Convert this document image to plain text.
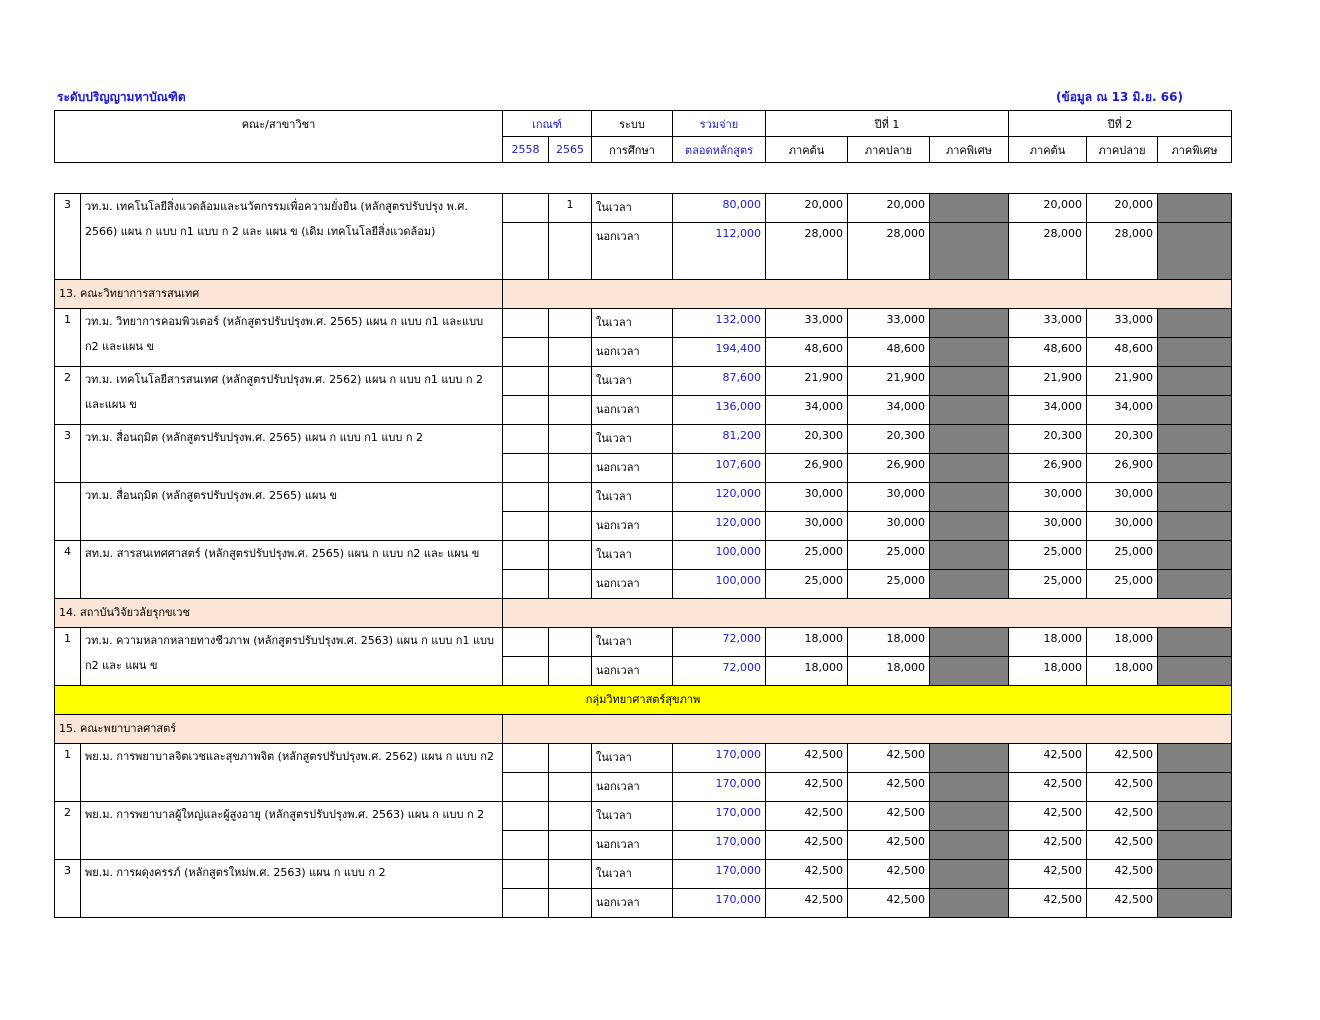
ระดับปริญญามหาบัณฑิต	(ข้อมูล ณ 13 มิ.ย. 66)
คณะ/สาขาวิชา	เกณฑ์		ระบบ	รวมจ่าย	ปีที่ 1			ปีที่ 2		
	2558	2565	การศึกษา	ตลอดหลักสูตร	ภาคต้น	ภาคปลาย	ภาคพิเศษ	ภาคต้น	ภาคปลาย	ภาคพิเศษ
3	วท.ม. เทคโนโลยีสิ่งแวดล้อมและนวัตกรรมเพื่อความยั่งยืน (หลักสูตรปรับปรุง พ.ศ. 2566) แผน ก แบบ ก1 แบบ ก 2 และ แผน ข (เดิม เทคโนโลยีสิ่งแวดล้อม)		1	ในเวลา	80,000	20,000	20,000		20,000	20,000	
				นอกเวลา	112,000	28,000	28,000		28,000	28,000	
13. คณะวิทยาการสารสนเทศ											
1	วท.ม. วิทยาการคอมพิวเตอร์ (หลักสูตรปรับปรุงพ.ศ. 2565) แผน ก แบบ ก1 และแบบ ก2 และแผน ข			ในเวลา	132,000	33,000	33,000		33,000	33,000	
				นอกเวลา	194,400	48,600	48,600		48,600	48,600	
2	วท.ม. เทคโนโลยีสารสนเทศ (หลักสูตรปรับปรุงพ.ศ. 2562) แผน ก แบบ ก1 แบบ ก 2 และแผน ข			ในเวลา	87,600	21,900	21,900		21,900	21,900	
				นอกเวลา	136,000	34,000	34,000		34,000	34,000	
3	วท.ม. สื่อนฤมิต (หลักสูตรปรับปรุงพ.ศ. 2565) แผน ก แบบ ก1 แบบ ก 2			ในเวลา	81,200	20,300	20,300		20,300	20,300	
				นอกเวลา	107,600	26,900	26,900		26,900	26,900	
	วท.ม. สื่อนฤมิต (หลักสูตรปรับปรุงพ.ศ. 2565) แผน ข			ในเวลา	120,000	30,000	30,000		30,000	30,000	
				นอกเวลา	120,000	30,000	30,000		30,000	30,000	
4	สท.ม. สารสนเทศศาสตร์ (หลักสูตรปรับปรุงพ.ศ. 2565) แผน ก แบบ ก2 และ แผน ข			ในเวลา	100,000	25,000	25,000		25,000	25,000	
				นอกเวลา	100,000	25,000	25,000		25,000	25,000	
14. สถาบันวิจัยวลัยรุกขเวช											
1	วท.ม. ความหลากหลายทางชีวภาพ (หลักสูตรปรับปรุงพ.ศ. 2563) แผน ก แบบ ก1 แบบ ก2 และ แผน ข			ในเวลา	72,000	18,000	18,000		18,000	18,000	
				นอกเวลา	72,000	18,000	18,000		18,000	18,000	
กลุ่มวิทยาศาสตร์สุขภาพ											
15. คณะพยาบาลศาสตร์											
1	พย.ม. การพยาบาลจิตเวชและสุขภาพจิต (หลักสูตรปรับปรุงพ.ศ. 2562) แผน ก แบบ ก2			ในเวลา	170,000	42,500	42,500		42,500	42,500	
				นอกเวลา	170,000	42,500	42,500		42,500	42,500	
2	พย.ม. การพยาบาลผู้ใหญ่และผู้สูงอายุ (หลักสูตรปรับปรุงพ.ศ. 2563) แผน ก แบบ ก 2			ในเวลา	170,000	42,500	42,500		42,500	42,500	
				นอกเวลา	170,000	42,500	42,500		42,500	42,500	
3	พย.ม. การผดุงครรภ์ (หลักสูตรใหม่พ.ศ. 2563) แผน ก แบบ ก 2			ในเวลา	170,000	42,500	42,500		42,500	42,500	
				นอกเวลา	170,000	42,500	42,500		42,500	42,500	
